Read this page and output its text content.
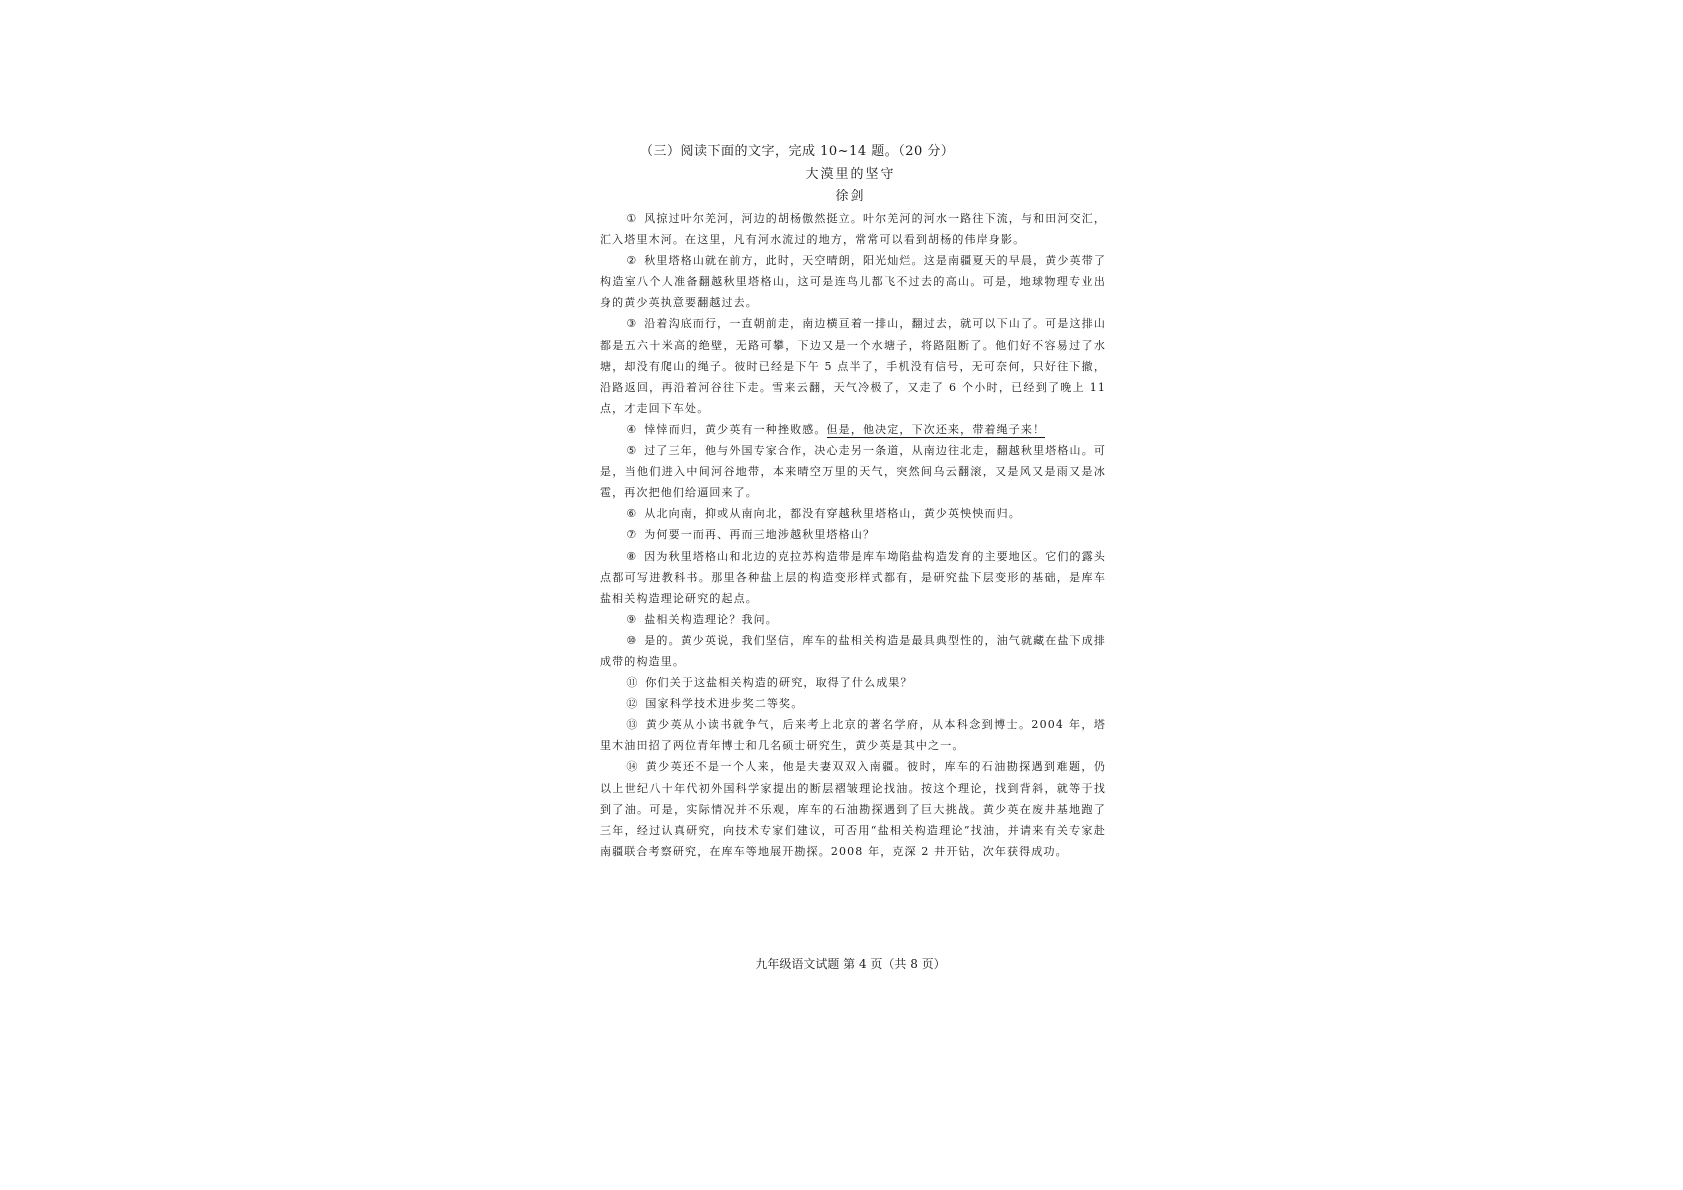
（三）阅读下面的文字，完成 10~14 题。（20 分）
大漠里的坚守
徐剑

① 风掠过叶尔羌河，河边的胡杨傲然挺立。叶尔羌河的河水一路往下流，与和田河交汇，汇入塔里木河。在这里，凡有河水流过的地方，常常可以看到胡杨的伟岸身影。

② 秋里塔格山就在前方，此时，天空晴朗，阳光灿烂。这是南疆夏天的早晨，黄少英带了构造室八个人准备翻越秋里塔格山，这可是连鸟儿都飞不过去的高山。可是，地球物理专业出身的黄少英执意要翻越过去。

③ 沿着沟底而行，一直朝前走，南边横亘着一排山，翻过去，就可以下山了。可是这排山都是五六十米高的绝壁，无路可攀，下边又是一个水塘子，将路阻断了。他们好不容易过了水塘，却没有爬山的绳子。彼时已经是下午 5 点半了，手机没有信号，无可奈何，只好往下撤，沿路返回，再沿着河谷往下走。雪来云翻，天气冷极了，又走了 6 个小时，已经到了晚上 11 点，才走回下车处。

④ 悻悻而归，黄少英有一种挫败感。但是，他决定，下次还来，带着绳子来！

⑤ 过了三年，他与外国专家合作，决心走另一条道，从南边往北走，翻越秋里塔格山。可是，当他们进入中间河谷地带，本来晴空万里的天气，突然间乌云翻滚，又是风又是雨又是冰雹，再次把他们给逼回来了。

⑥ 从北向南，抑或从南向北，都没有穿越秋里塔格山，黄少英怏怏而归。

⑦ 为何要一而再、再而三地涉越秋里塔格山？

⑧ 因为秋里塔格山和北边的克拉苏构造带是库车坳陷盐构造发育的主要地区。它们的露头点都可写进教科书。那里各种盐上层的构造变形样式都有，是研究盐下层变形的基础，是库车盐相关构造理论研究的起点。

⑨ 盐相关构造理论？我问。

⑩ 是的。黄少英说，我们坚信，库车的盐相关构造是最具典型性的，油气就藏在盐下成排成带的构造里。

⑪ 你们关于这盐相关构造的研究，取得了什么成果？

⑫ 国家科学技术进步奖二等奖。

⑬ 黄少英从小读书就争气，后来考上北京的著名学府，从本科念到博士。2004 年，塔里木油田招了两位青年博士和几名硕士研究生，黄少英是其中之一。

⑭ 黄少英还不是一个人来，他是夫妻双双入南疆。彼时，库车的石油勘探遇到难题，仍以上世纪八十年代初外国科学家提出的断层褶皱理论找油。按这个理论，找到背斜，就等于找到了油。可是，实际情况并不乐观，库车的石油勘探遇到了巨大挑战。黄少英在废井基地跑了三年，经过认真研究，向技术专家们建议，可否用“盐相关构造理论”找油，并请来有关专家赴南疆联合考察研究，在库车等地展开勘探。2008 年，克深 2 井开钻，次年获得成功。

九年级语文试题 第 4 页（共 8 页）
